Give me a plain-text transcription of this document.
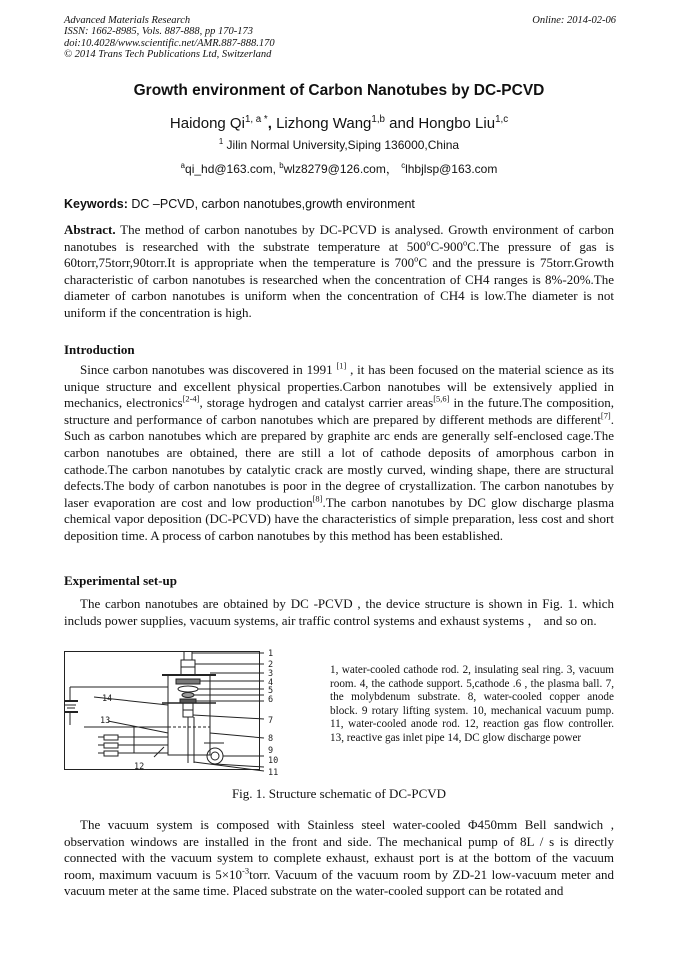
Advanced Materials Research
ISSN: 1662-8985, Vols. 887-888, pp 170-173
doi:10.4028/www.scientific.net/AMR.887-888.170
© 2014 Trans Tech Publications Ltd, Switzerland
Online: 2014-02-06
Growth environment of Carbon Nanotubes by DC-PCVD
Haidong $Qi^{1, a *}$, Lizhong Wang$^{1,b}$ and Hongbo Liu$^{1,c}$
$^1$ Jilin Normal University,Siping 136000,China
$^a$qi_hd@163.com, $^b$wlz8279@126.com， $^c$lhbjlsp@163.com
Keywords: DC –PCVD, carbon nanotubes,growth environment
Abstract. The method of carbon nanotubes by DC-PCVD is analysed. Growth environment of carbon nanotubes is researched with the substrate temperature at 500$^o$C-900$^o$C.The pressure of gas is 60torr,75torr,90torr.It is appropriate when the temperature is 700$^o$C and the pressure is 75torr.Growth characteristic of carbon nanotubes is researched when the concentration of CH4 ranges is 8%-20%.The diameter of carbon nanotubes is uniform when the concentration of CH4 is low.The diameter is not uniform if the concentration is high.
Introduction
Since carbon nanotubes was discovered in 1991 [1] , it has been focused on the material science as its unique structure and excellent physical properties.Carbon nanotubes will be extensively applied in mechanics, electronics[2-4], storage hydrogen and catalyst carrier areas[5,6] in the future.The composition, structure and performance of carbon nanotubes which are prepared by different methods are different[7]. Such as carbon nanotubes which are prepared by graphite arc ends are generally self-enclosed cage.The carbon nanotubes are obtained, there are still a lot of cathode deposits of amorphous carbon in cathode.The carbon nanotubes by catalytic crack are mostly curved, winding shape, there are structural defects.The body of carbon nanotubes is poor in the degree of crystallization. The carbon nanotubes by laser evaporation are cost and low production[8].The carbon nanotubes by DC glow discharge plasma chemical vapor deposition (DC-PCVD) have the characteristics of simple preparation, less cost and short deposition time. A process of carbon nanotubes by this method has been established.
Experimental set-up
The carbon nanotubes are obtained by DC -PCVD , the device structure is shown in Fig. 1. which includs power supplies, vacuum systems, air traffic control systems and exhaust systems ， and so on.
1
2
3
4
5
6
7
8
9
10
11
12
13
14
1, water-cooled cathode rod. 2, insulating seal ring. 3, vacuum room. 4, the cathode support. 5,cathode .6 , the plasma ball. 7, the molybdenum substrate. 8, water-cooled copper anode block. 9 rotary lifting system. 10, mechanical vacuum pump. 11, water-cooled anode rod. 12, reaction gas flow controller. 13, reactive gas inlet pipe 14, DC glow discharge power
Fig. 1. Structure schematic of DC-PCVD
The vacuum system is composed with Stainless steel water-cooled Φ450mm Bell sandwich , observation windows are installed in the front and side. The mechanical pump of 8L / s is directly connected with the vacuum system to complete exhaust, exhaust port is at the bottom of the vacuum room, maximum vacuum is $5\times 10^{-3}torr$. Vacuum of the vacuum room by ZD-21 low-vacuum meter and vacuum meter at the same time. Placed substrate on the water-cooled support can be rotated and
